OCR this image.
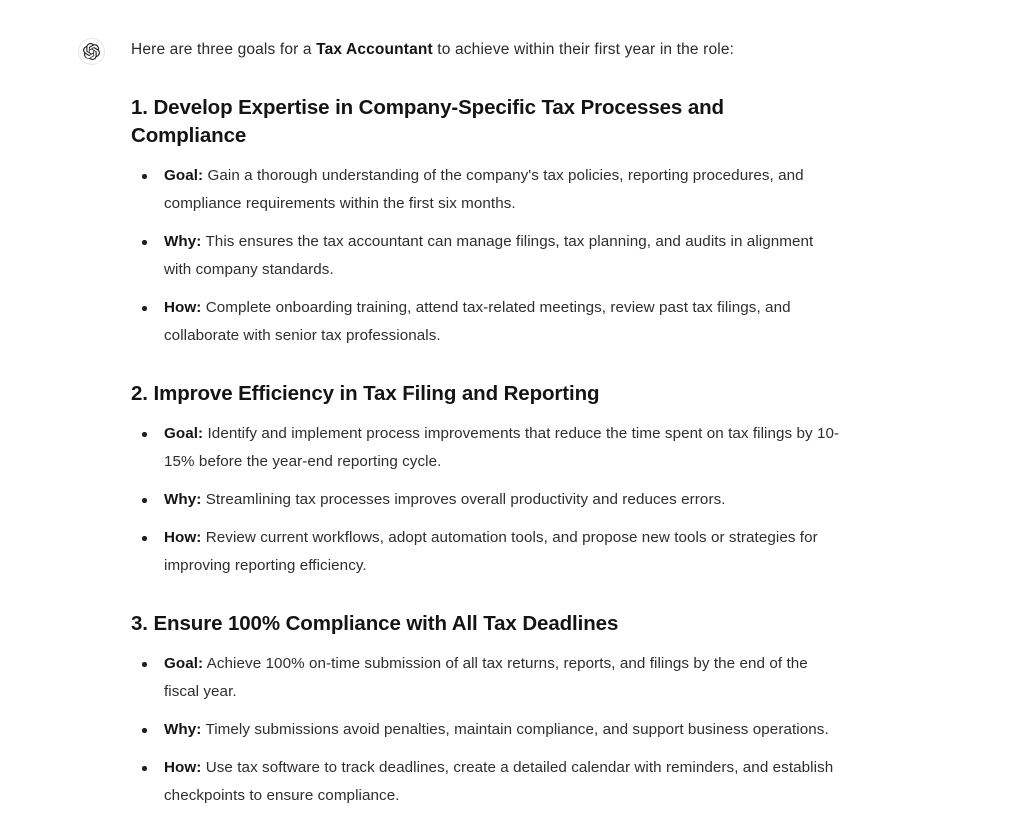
Here are three goals for a Tax Accountant to achieve within their first year in the role:

1. Develop Expertise in Company-Specific Tax Processes and Compliance
Goal: Gain a thorough understanding of the company's tax policies, reporting procedures, and compliance requirements within the first six months.
Why: This ensures the tax accountant can manage filings, tax planning, and audits in alignment with company standards.
How: Complete onboarding training, attend tax-related meetings, review past tax filings, and collaborate with senior tax professionals.
2. Improve Efficiency in Tax Filing and Reporting
Goal: Identify and implement process improvements that reduce the time spent on tax filings by 10-15% before the year-end reporting cycle.
Why: Streamlining tax processes improves overall productivity and reduces errors.
How: Review current workflows, adopt automation tools, and propose new tools or strategies for improving reporting efficiency.
3. Ensure 100% Compliance with All Tax Deadlines
Goal: Achieve 100% on-time submission of all tax returns, reports, and filings by the end of the fiscal year.
Why: Timely submissions avoid penalties, maintain compliance, and support business operations.
How: Use tax software to track deadlines, create a detailed calendar with reminders, and establish checkpoints to ensure compliance.
